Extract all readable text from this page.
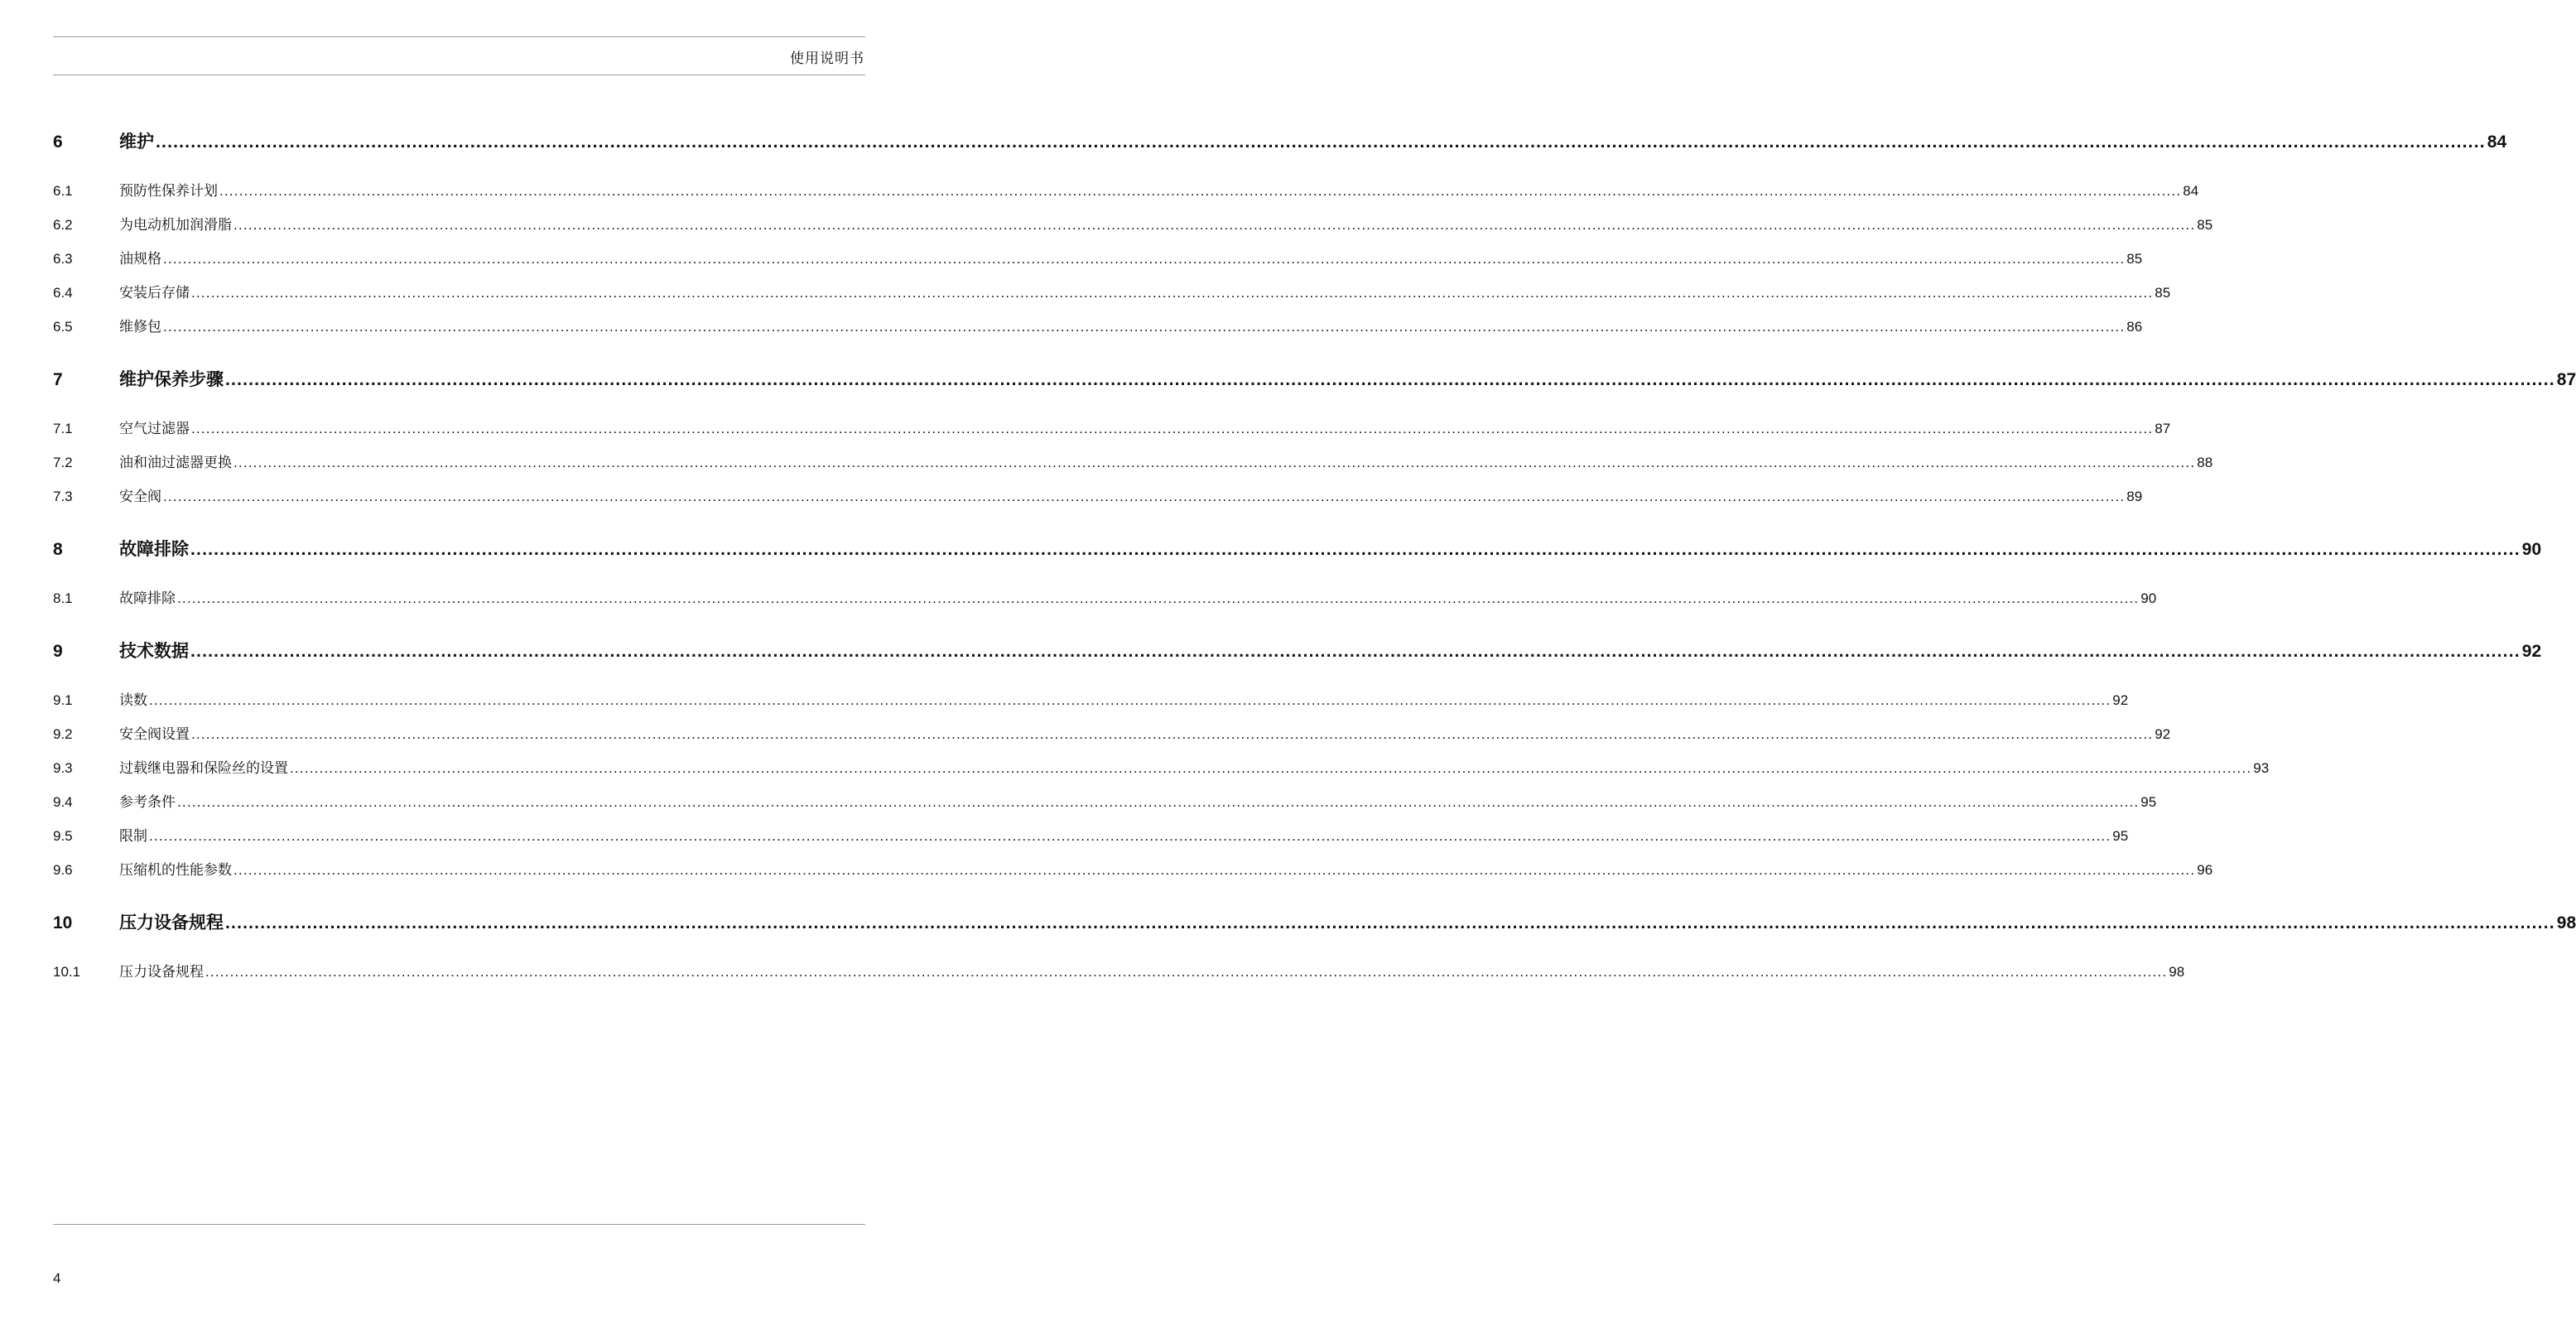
使用说明书
6	维护 ................................................................................................................................................................................................................................................................................................................................................................................................................ 84
6.1	预防性保养计划 ................................................................................................................................................................................................................................................................................................................................................................................................................ 84
6.2	为电动机加润滑脂 ................................................................................................................................................................................................................................................................................................................................................................................................................ 85
6.3	油规格 ................................................................................................................................................................................................................................................................................................................................................................................................................ 85
6.4	安装后存储 ................................................................................................................................................................................................................................................................................................................................................................................................................ 85
6.5	维修包 ................................................................................................................................................................................................................................................................................................................................................................................................................ 86
7	维护保养步骤 ................................................................................................................................................................................................................................................................................................................................................................................................................ 87
7.1	空气过滤器 ................................................................................................................................................................................................................................................................................................................................................................................................................ 87
7.2	油和油过滤器更换 ................................................................................................................................................................................................................................................................................................................................................................................................................ 88
7.3	安全阀 ................................................................................................................................................................................................................................................................................................................................................................................................................ 89
8	故障排除 ................................................................................................................................................................................................................................................................................................................................................................................................................ 90
8.1	故障排除 ................................................................................................................................................................................................................................................................................................................................................................................................................ 90
9	技术数据 ................................................................................................................................................................................................................................................................................................................................................................................................................ 92
9.1	读数 ................................................................................................................................................................................................................................................................................................................................................................................................................ 92
9.2	安全阀设置 ................................................................................................................................................................................................................................................................................................................................................................................................................ 92
9.3	过载继电器和保险丝的设置 ................................................................................................................................................................................................................................................................................................................................................................................................................ 93
9.4	参考条件 ................................................................................................................................................................................................................................................................................................................................................................................................................ 95
9.5	限制 ................................................................................................................................................................................................................................................................................................................................................................................................................ 95
9.6	压缩机的性能参数 ................................................................................................................................................................................................................................................................................................................................................................................................................ 96
10	压力设备规程 ................................................................................................................................................................................................................................................................................................................................................................................................................ 98
10.1	压力设备规程 ................................................................................................................................................................................................................................................................................................................................................................................................................ 98
4
